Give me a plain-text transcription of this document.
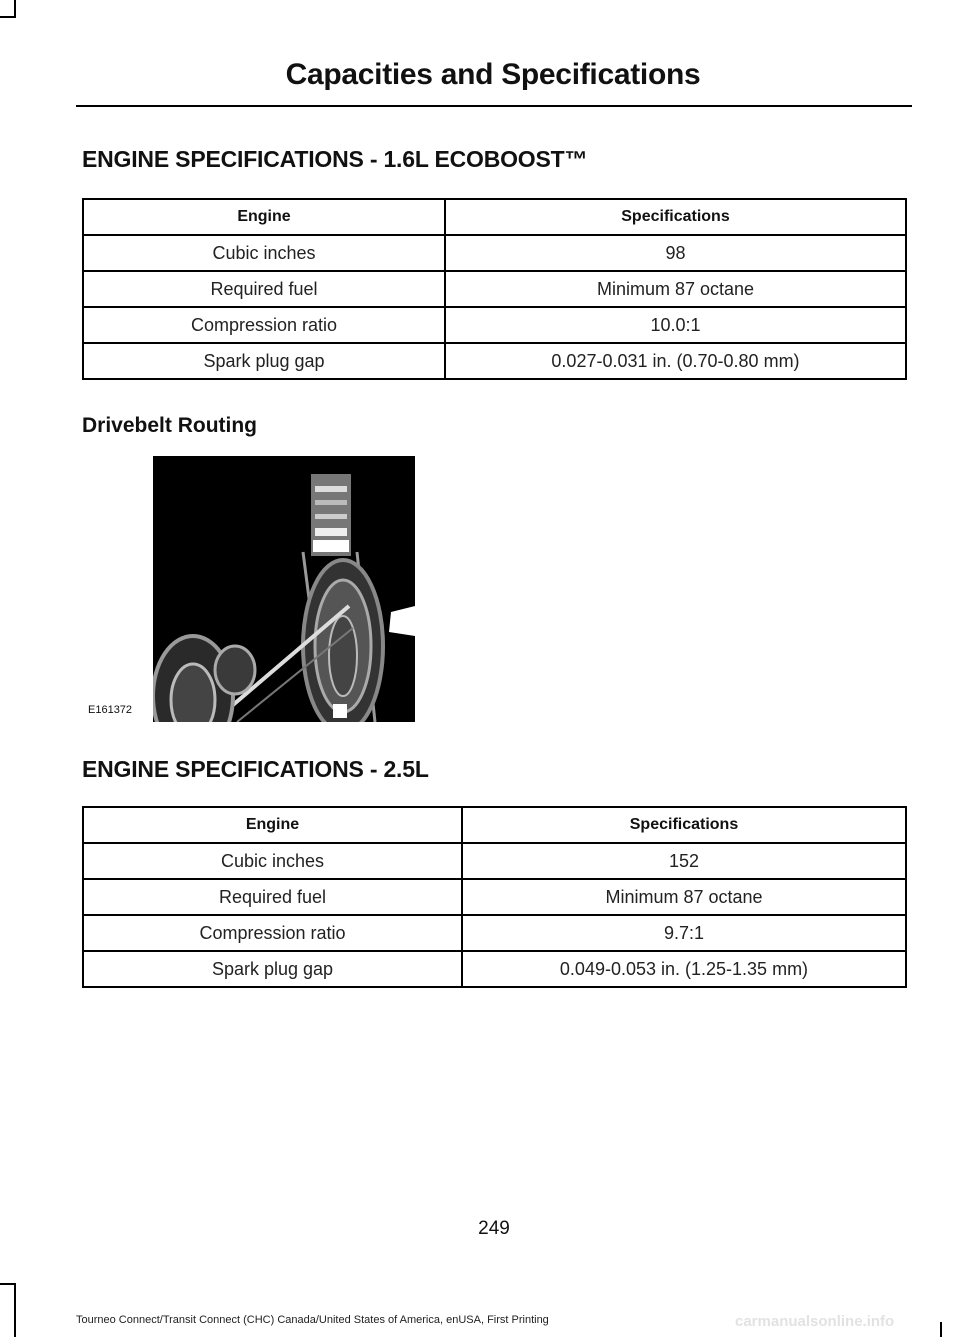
Capacities and Specifications
ENGINE SPECIFICATIONS - 1.6L ECOBOOST™
Engine	Specifications
Cubic inches	98
Required fuel	Minimum 87 octane
Compression ratio	10.0:1
Spark plug gap	0.027-0.031 in. (0.70-0.80 mm)
Drivebelt Routing
E161372
ENGINE SPECIFICATIONS - 2.5L
Engine	Specifications
Cubic inches	152
Required fuel	Minimum 87 octane
Compression ratio	9.7:1
Spark plug gap	0.049-0.053 in. (1.25-1.35 mm)
249
Tourneo Connect/Transit Connect (CHC) Canada/United States of America, enUSA, First Printing	carmanualsonline.info
